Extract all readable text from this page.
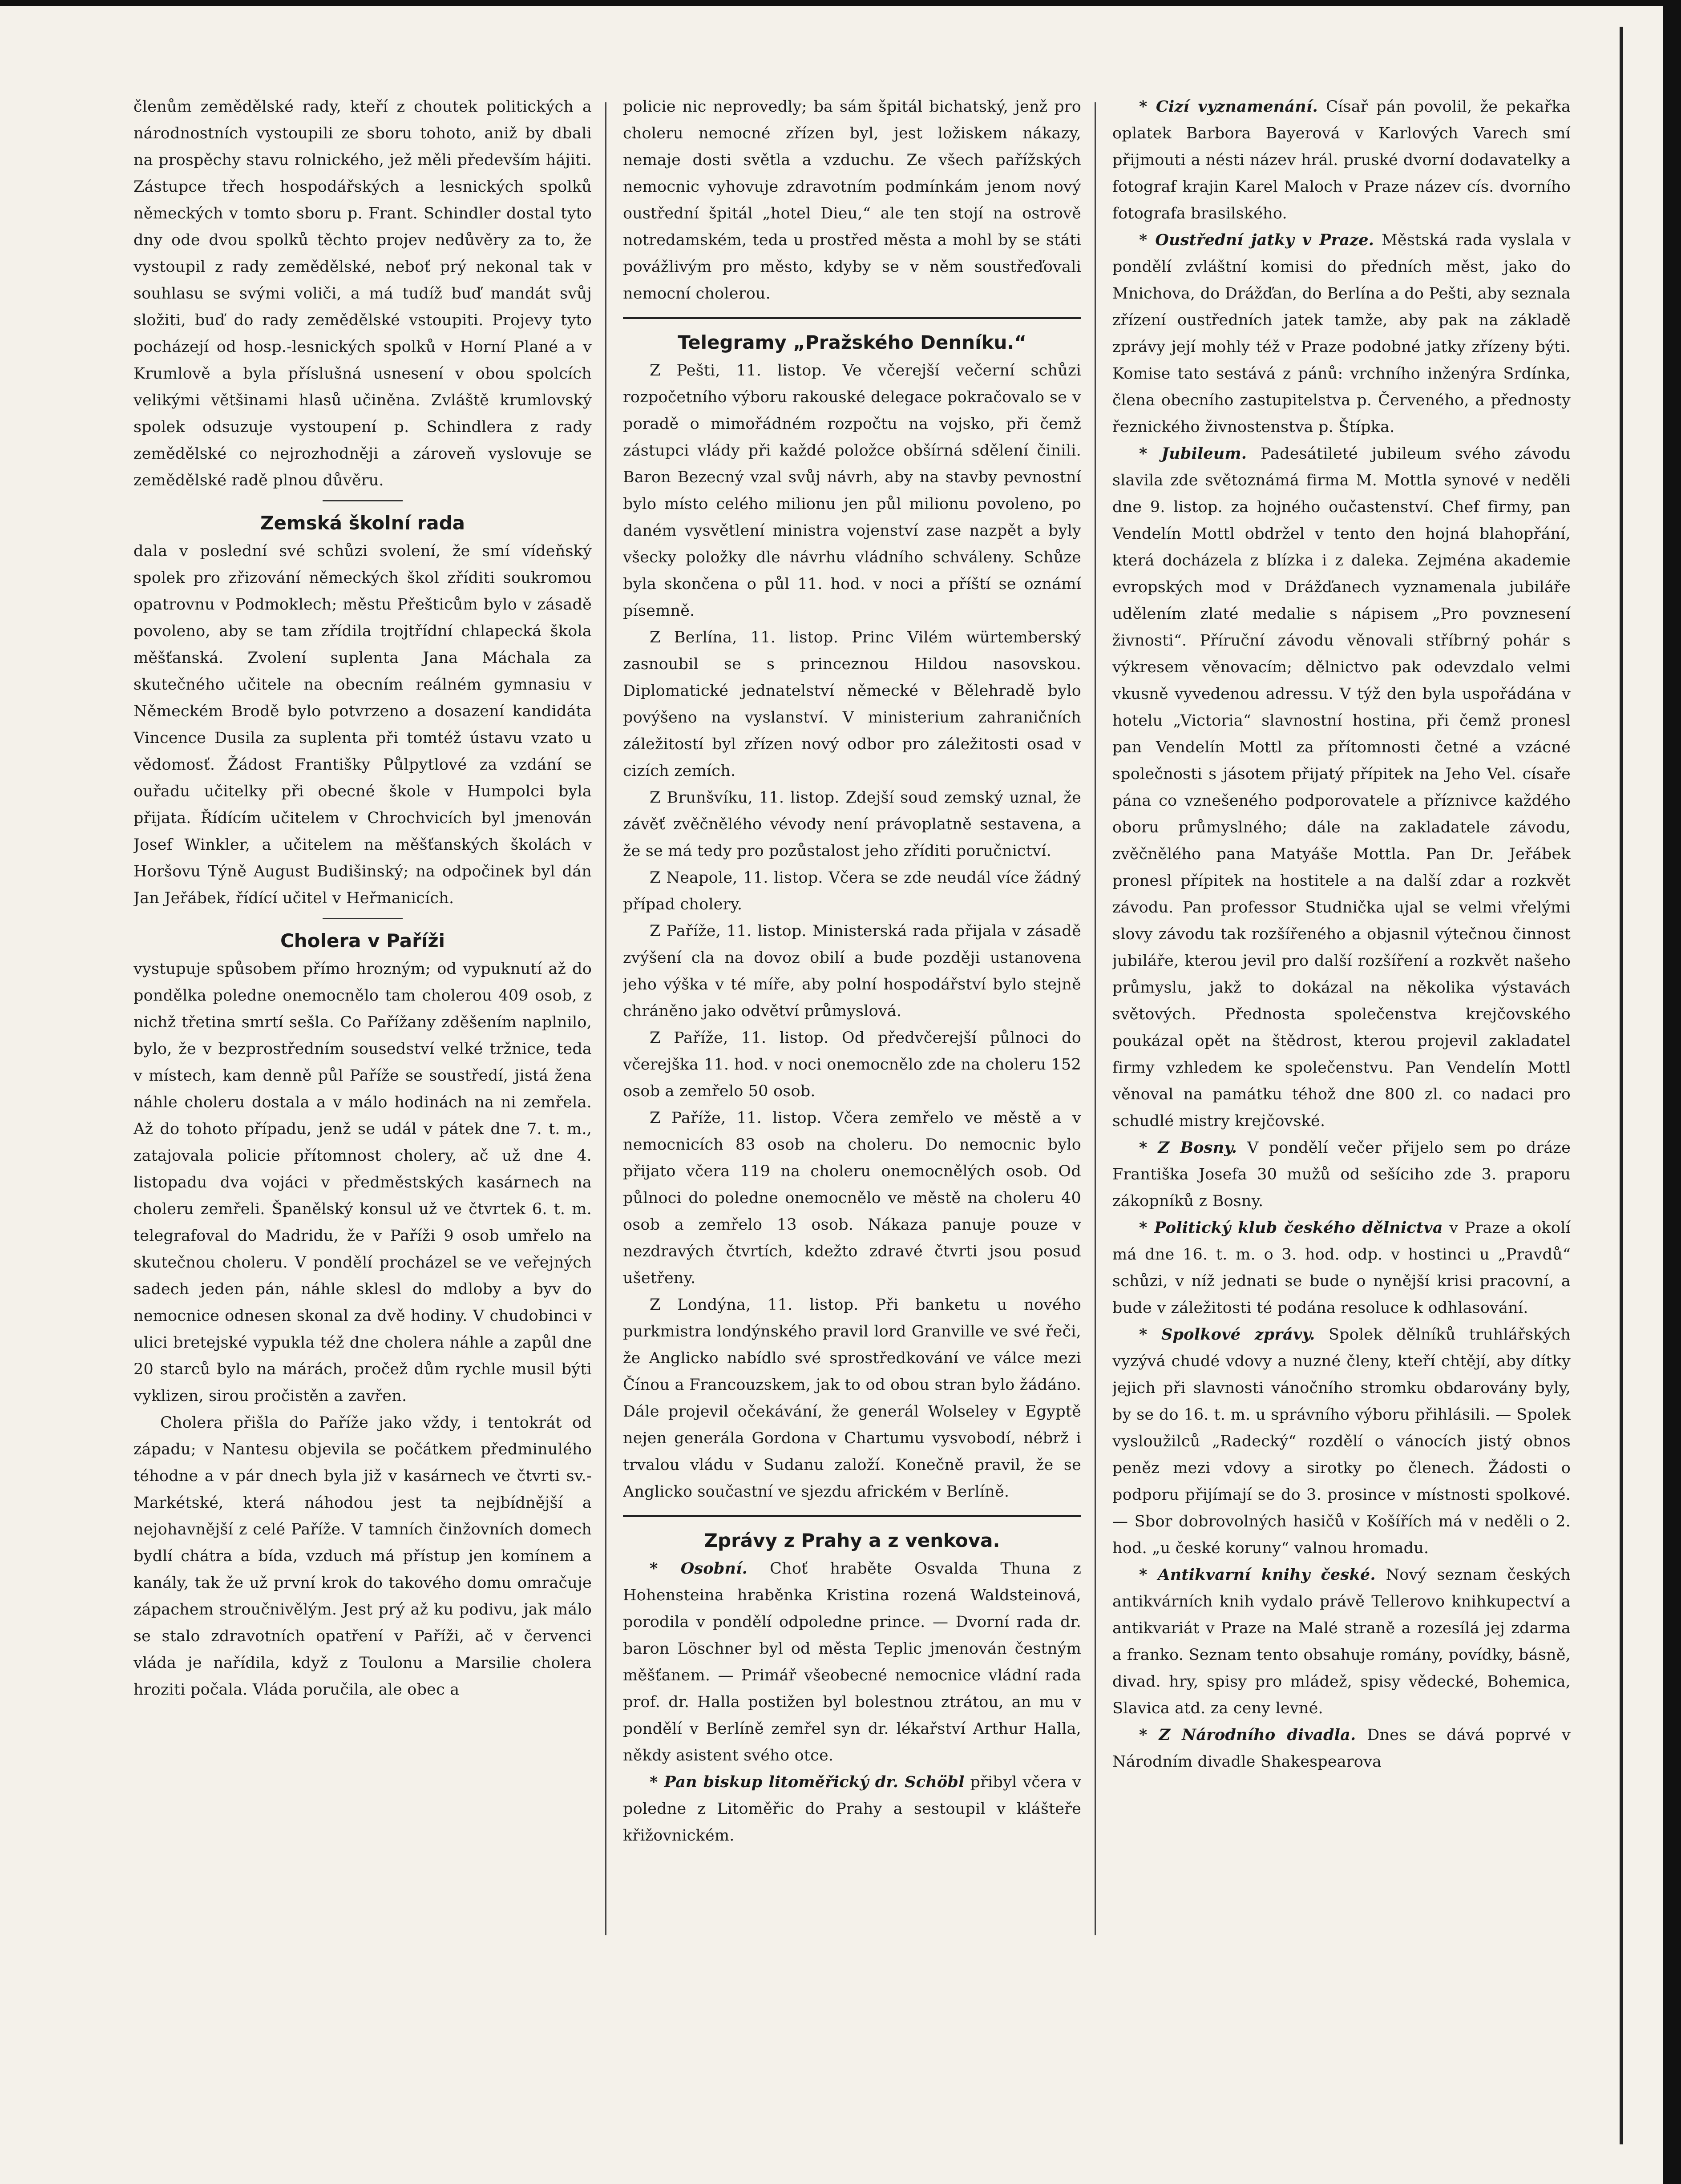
členům zemědělské rady, kteří z choutek politických a národnostních vystoupili ze sboru tohoto, aniž by dbali na prospěchy stavu rolnického, jež měli především hájiti. Zástupce třech hospodářských a lesnických spolků německých v tomto sboru p. Frant. Schindler dostal tyto dny ode dvou spolků těchto projev nedůvěry za to, že vystoupil z rady zemědělské, neboť prý nekonal tak v souhlasu se svými voliči, a má tudíž buď mandát svůj složiti, buď do rady zemědělské vstoupiti. Projevy tyto pocházejí od hosp.-lesnických spolků v Horní Plané a v Krumlově a byla příslušná usnesení v obou spolcích velikými většinami hlasů učiněna. Zvláště krumlovský spolek odsuzuje vystoupení p. Schindlera z rady zemědělské co nejrozhodněji a zároveň vyslovuje se zemědělské radě plnou důvěru.

Zemská školní rada

dala v poslední své schůzi svolení, že smí vídeňský spolek pro zřizování německých škol zříditi soukromou opatrovnu v Podmoklech; městu Přešticům bylo v zásadě povoleno, aby se tam zřídila trojtřídní chlapecká škola měšťanská. Zvolení suplenta Jana Máchala za skutečného učitele na obecním reálném gymnasiu v Německém Brodě bylo potvrzeno a dosazení kandidáta Vincence Dusila za suplenta při tomtéž ústavu vzato u vědomosť. Žádost Františky Půlpytlové za vzdání se ouřadu učitelky při obecné škole v Humpolci byla přijata. Řídícím učitelem v Chrochvicích byl jmenován Josef Winkler, a učitelem na měšťanských školách v Horšovu Týně August Budišinský; na odpočinek byl dán Jan Jeřábek, řídící učitel v Heřmanicích.

Cholera v Paříži

vystupuje spůsobem přímo hrozným; od vypuknutí až do pondělka poledne onemocnělo tam cholerou 409 osob, z nichž třetina smrtí sešla. Co Pařížany zděšením naplnilo, bylo, že v bezprostředním sousedství velké tržnice, teda v místech, kam denně půl Paříže se soustředí, jistá žena náhle choleru dostala a v málo hodinách na ni zemřela. Až do tohoto případu, jenž se udál v pátek dne 7. t. m., zatajovala policie přítomnost cholery, ač už dne 4. listopadu dva vojáci v předměstských kasárnech na choleru zemřeli. Španělský konsul už ve čtvrtek 6. t. m. telegrafoval do Madridu, že v Paříži 9 osob umřelo na skutečnou choleru. V pondělí procházel se ve veřejných sadech jeden pán, náhle sklesl do mdloby a byv do nemocnice odnesen skonal za dvě hodiny. V chudobinci v ulici bretejské vypukla též dne cholera náhle a zapůl dne 20 starců bylo na márách, pročež dům rychle musil býti vyklizen, sirou pročistěn a zavřen.

Cholera přišla do Paříže jako vždy, i tentokrát od západu; v Nantesu objevila se počátkem předminulého téhodne a v pár dnech byla již v kasárnech ve čtvrti sv.-Markétské, která náhodou jest ta nejbídnější a nejohavnější z celé Paříže. V tamních činžovních domech bydlí chátra a bída, vzduch má přístup jen komínem a kanály, tak že už první krok do takového domu omračuje zápachem stroučnivělým. Jest prý až ku podivu, jak málo se stalo zdravotních opatření v Paříži, ač v červenci vláda je nařídila, když z Toulonu a Marsilie cholera hroziti počala. Vláda poručila, ale obec a

policie nic neprovedly; ba sám špitál bichatský, jenž pro choleru nemocné zřízen byl, jest ložiskem nákazy, nemaje dosti světla a vzduchu. Ze všech pařížských nemocnic vyhovuje zdravotním podmínkám jenom nový oustřední špitál „hotel Dieu,“ ale ten stojí na ostrově notredamském, teda u prostřed města a mohl by se státi povážlivým pro město, kdyby se v něm soustřeďovali nemocní cholerou.

Telegramy „Pražského Denníku.“

Z Pešti, 11. listop. Ve včerejší večerní schůzi rozpočetního výboru rakouské delegace pokračovalo se v poradě o mimořádném rozpočtu na vojsko, při čemž zástupci vlády při každé položce obšírná sdělení činili. Baron Bezecný vzal svůj návrh, aby na stavby pevnostní bylo místo celého milionu jen půl milionu povoleno, po daném vysvětlení ministra vojenství zase nazpět a byly všecky položky dle návrhu vládního schváleny. Schůze byla skončena o půl 11. hod. v noci a příští se oznámí písemně.

Z Berlína, 11. listop. Princ Vilém würtemberský zasnoubil se s princeznou Hildou nasovskou. Diplomatické jednatelství německé v Bělehradě bylo povýšeno na vyslanství. V ministerium zahraničních záležitostí byl zřízen nový odbor pro záležitosti osad v cizích zemích.

Z Brunšvíku, 11. listop. Zdejší soud zemský uznal, že závěť zvěčnělého vévody není právoplatně sestavena, a že se má tedy pro pozůstalost jeho zříditi poručnictví.

Z Neapole, 11. listop. Včera se zde neudál více žádný případ cholery.

Z Paříže, 11. listop. Ministerská rada přijala v zásadě zvýšení cla na dovoz obilí a bude později ustanovena jeho výška v té míře, aby polní hospodářství bylo stejně chráněno jako odvětví průmyslová.

Z Paříže, 11. listop. Od předvčerejší půlnoci do včerejška 11. hod. v noci onemocnělo zde na choleru 152 osob a zemřelo 50 osob.

Z Paříže, 11. listop. Včera zemřelo ve městě a v nemocnicích 83 osob na choleru. Do nemocnic bylo přijato včera 119 na choleru onemocnělých osob. Od půlnoci do poledne onemocnělo ve městě na choleru 40 osob a zemřelo 13 osob. Nákaza panuje pouze v nezdravých čtvrtích, kdežto zdravé čtvrti jsou posud ušetřeny.

Z Londýna, 11. listop. Při banketu u nového purkmistra londýnského pravil lord Granville ve své řeči, že Anglicko nabídlo své sprostředkování ve válce mezi Čínou a Francouzskem, jak to od obou stran bylo žádáno. Dále projevil očekávání, že generál Wolseley v Egyptě nejen generála Gordona v Chartumu vysvobodí, nébrž i trvalou vládu v Sudanu založí. Konečně pravil, že se Anglicko součastní ve sjezdu africkém v Berlíně.

Zprávy z Prahy a z venkova.

* Osobní. Choť hraběte Osvalda Thuna z Hohensteina hraběnka Kristina rozená Waldsteinová, porodila v pondělí odpoledne prince. — Dvorní rada dr. baron Löschner byl od města Teplic jmenován čestným měšťanem. — Primář všeobecné nemocnice vládní rada prof. dr. Halla postižen byl bolestnou ztrátou, an mu v pondělí v Berlíně zemřel syn dr. lékařství Arthur Halla, někdy asistent svého otce.

* Pan biskup litoměřický dr. Schöbl přibyl včera v poledne z Litoměřic do Prahy a sestoupil v klášteře křižovnickém.

* Cizí vyznamenání. Císař pán povolil, že pekařka oplatek Barbora Bayerová v Karlových Varech smí přijmouti a nésti název hrál. pruské dvorní dodavatelky a fotograf krajin Karel Maloch v Praze název cís. dvorního fotografa brasilského.

* Oustřední jatky v Praze. Městská rada vyslala v pondělí zvláštní komisi do předních měst, jako do Mnichova, do Drážďan, do Berlína a do Pešti, aby seznala zřízení oustředních jatek tamže, aby pak na základě zprávy její mohly též v Praze podobné jatky zřízeny býti. Komise tato sestává z pánů: vrchního inženýra Srdínka, člena obecního zastupitelstva p. Červeného, a přednosty řeznického živnostenstva p. Štípka.

* Jubileum. Padesátileté jubileum svého závodu slavila zde světoznámá firma M. Mottla synové v neděli dne 9. listop. za hojného oučastenství. Chef firmy, pan Vendelín Mottl obdržel v tento den hojná blahopřání, která docházela z blízka i z daleka. Zejména akademie evropských mod v Drážďanech vyznamenala jubiláře udělením zlaté medalie s nápisem „Pro povznesení živnosti“. Příruční závodu věnovali stříbrný pohár s výkresem věnovacím; dělnictvo pak odevzdalo velmi vkusně vyvedenou adressu. V týž den byla uspořádána v hotelu „Victoria“ slavnostní hostina, při čemž pronesl pan Vendelín Mottl za přítomnosti četné a vzácné společnosti s jásotem přijatý přípitek na Jeho Vel. císaře pána co vznešeného podporovatele a příznivce každého oboru průmyslného; dále na zakladatele závodu, zvěčnělého pana Matyáše Mottla. Pan Dr. Jeřábek pronesl přípitek na hostitele a na další zdar a rozkvět závodu. Pan professor Studnička ujal se velmi vřelými slovy závodu tak rozšířeného a objasnil výtečnou činnost jubiláře, kterou jevil pro další rozšíření a rozkvět našeho průmyslu, jakž to dokázal na několika výstavách světových. Přednosta společenstva krejčovského poukázal opět na štědrost, kterou projevil zakladatel firmy vzhledem ke společenstvu. Pan Vendelín Mottl věnoval na památku téhož dne 800 zl. co nadaci pro schudlé mistry krejčovské.

* Z Bosny. V pondělí večer přijelo sem po dráze Františka Josefa 30 mužů od sešíciho zde 3. praporu zákopníků z Bosny.

* Politický klub českého dělnictva v Praze a okolí má dne 16. t. m. o 3. hod. odp. v hostinci u „Pravdů“ schůzi, v níž jednati se bude o nynější krisi pracovní, a bude v záležitosti té podána resoluce k odhlasování.

* Spolkové zprávy. Spolek dělníků truhlářských vyzývá chudé vdovy a nuzné členy, kteří chtějí, aby dítky jejich při slavnosti vánočního stromku obdarovány byly, by se do 16. t. m. u správního výboru přihlásili. — Spolek vysloužilců „Radecký“ rozdělí o vánocích jistý obnos peněz mezi vdovy a sirotky po členech. Žádosti o podporu přijímají se do 3. prosince v místnosti spolkové. — Sbor dobrovolných hasičů v Košířích má v neděli o 2. hod. „u české koruny“ valnou hromadu.

* Antikvarní knihy české. Nový seznam českých antikvárních knih vydalo právě Tellerovo knihkupectví a antikvariát v Praze na Malé straně a rozesílá jej zdarma a franko. Seznam tento obsahuje romány, povídky, básně, divad. hry, spisy pro mládež, spisy vědecké, Bohemica, Slavica atd. za ceny levné.

* Z Národního divadla. Dnes se dává poprvé v Národním divadle Shakespearova
